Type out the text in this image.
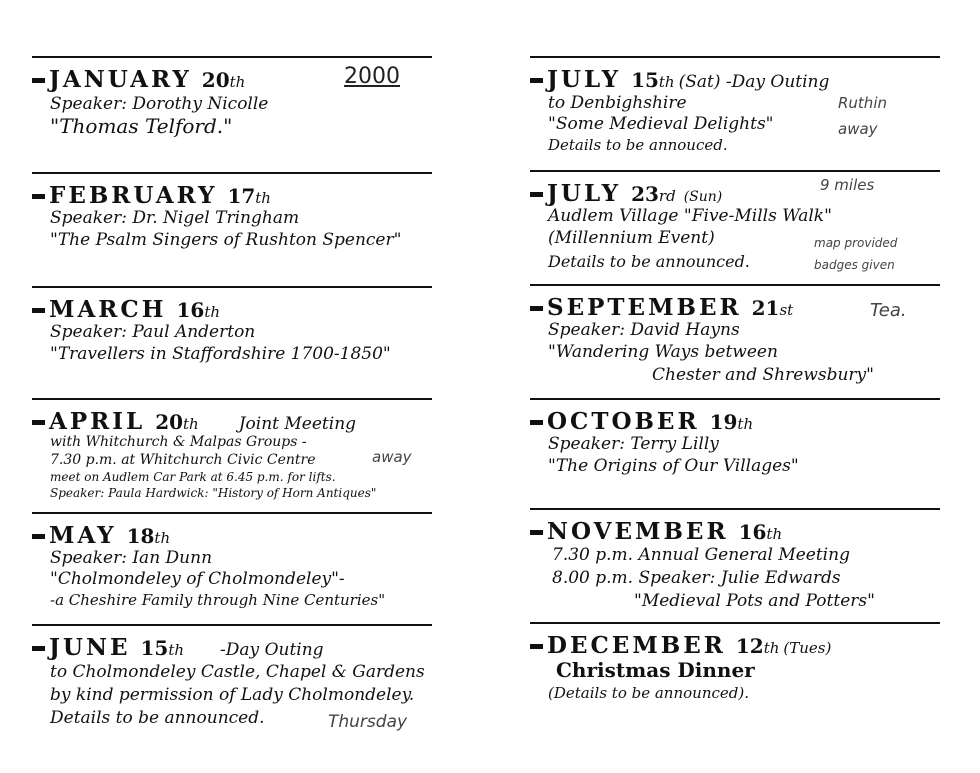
JANUARY 20th
Speaker: Dorothy Nicolle
"Thomas Telford."
2000
FEBRUARY 17th
Speaker: Dr. Nigel Tringham
"The Psalm Singers of Rushton Spencer"
MARCH 16th
Speaker: Paul Anderton
"Travellers in Staffordshire 1700-1850"
APRIL 20th Joint Meeting
with Whitchurch & Malpas Groups -
7.30 p.m. at Whitchurch Civic Centre
meet on Audlem Car Park at 6.45 p.m. for lifts.
Speaker: Paula Hardwick: "History of Horn Antiques"
away
MAY 18th
Speaker: Ian Dunn
"Cholmondeley of Cholmondeley"-
-a Cheshire Family through Nine Centuries"
JUNE 15th -Day Outing
to Cholmondeley Castle, Chapel & Gardens
by kind permission of Lady Cholmondeley.
Details to be announced.	Thursday
JULY 15th (Sat) -Day Outing
to Denbighshire
"Some Medieval Delights"
Details to be annouced.
Ruthin
away
JULY 23rd (Sun)
Audlem Village "Five-Mills Walk"
(Millennium Event)
Details to be announced.
9 miles
map provided
badges given
SEPTEMBER 21st
Speaker: David Hayns
"Wandering Ways between
Chester and Shrewsbury"
Tea.
OCTOBER 19th
Speaker: Terry Lilly
"The Origins of Our Villages"
NOVEMBER 16th
7.30 p.m. Annual General Meeting
8.00 p.m. Speaker: Julie Edwards
"Medieval Pots and Potters"
DECEMBER 12th (Tues)
Christmas Dinner
(Details to be announced).
